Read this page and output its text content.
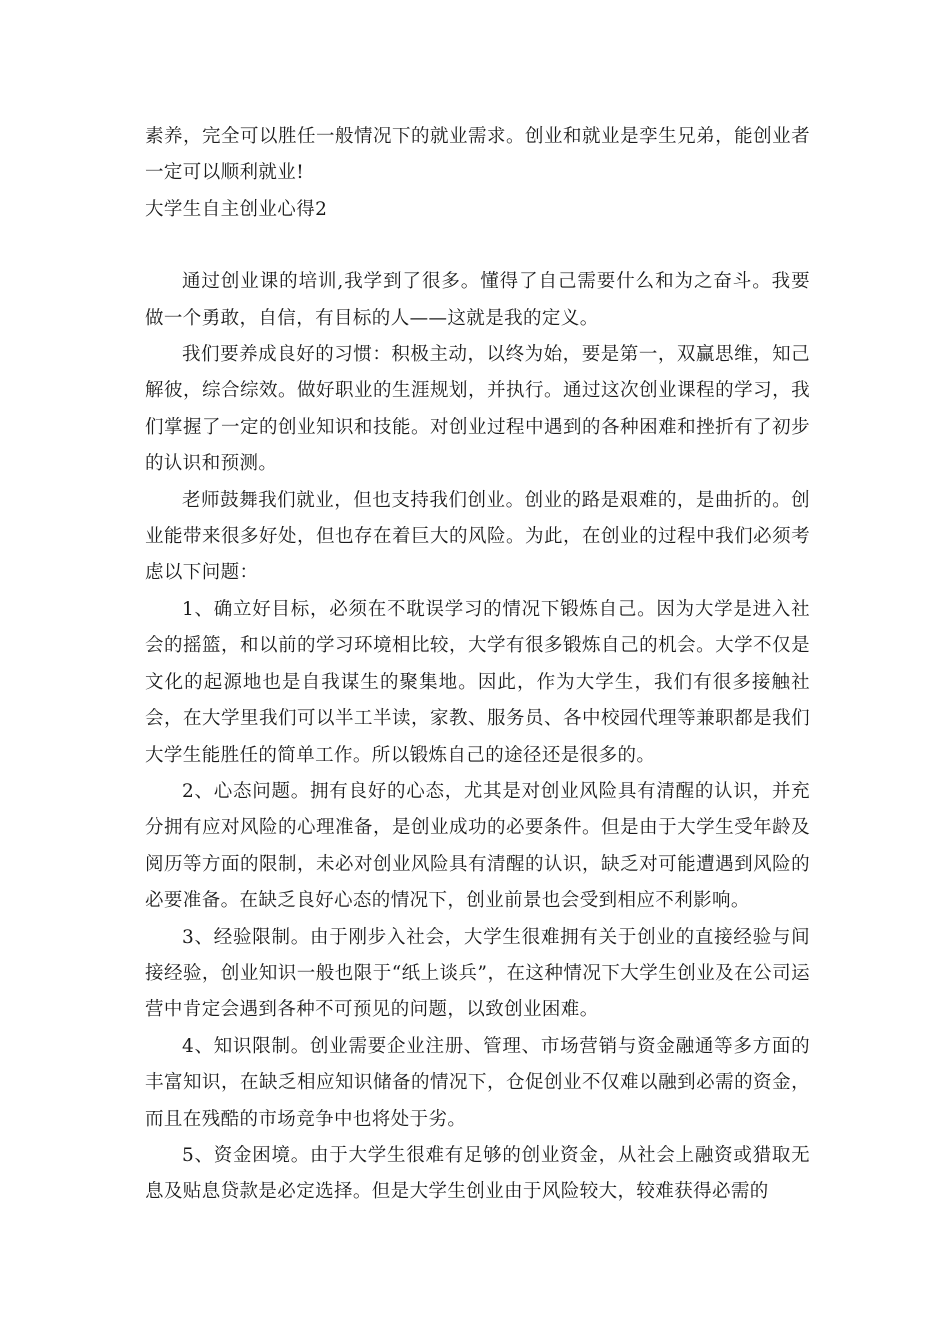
素养，完全可以胜任一般情况下的就业需求。创业和就业是孪生兄弟，能创业者一定可以顺利就业!

大学生自主创业心得2

通过创业课的培训,我学到了很多。懂得了自己需要什么和为之奋斗。我要做一个勇敢，自信，有目标的人——这就是我的定义。

我们要养成良好的习惯：积极主动，以终为始，要是第一，双赢思维，知己解彼，综合综效。做好职业的生涯规划，并执行。通过这次创业课程的学习，我们掌握了一定的创业知识和技能。对创业过程中遇到的各种困难和挫折有了初步的认识和预测。

老师鼓舞我们就业，但也支持我们创业。创业的路是艰难的，是曲折的。创业能带来很多好处，但也存在着巨大的风险。为此，在创业的过程中我们必须考虑以下问题：

1、确立好目标，必须在不耽误学习的情况下锻炼自己。因为大学是进入社会的摇篮，和以前的学习环境相比较，大学有很多锻炼自己的机会。大学不仅是文化的起源地也是自我谋生的聚集地。因此，作为大学生，我们有很多接触社会，在大学里我们可以半工半读，家教、服务员、各中校园代理等兼职都是我们大学生能胜任的简单工作。所以锻炼自己的途径还是很多的。

2、心态问题。拥有良好的心态，尤其是对创业风险具有清醒的认识，并充分拥有应对风险的心理准备，是创业成功的必要条件。但是由于大学生受年龄及阅历等方面的限制，未必对创业风险具有清醒的认识，缺乏对可能遭遇到风险的必要准备。在缺乏良好心态的情况下，创业前景也会受到相应不利影响。

3、经验限制。由于刚步入社会，大学生很难拥有关于创业的直接经验与间接经验，创业知识一般也限于“纸上谈兵”，在这种情况下大学生创业及在公司运营中肯定会遇到各种不可预见的问题，以致创业困难。

4、知识限制。创业需要企业注册、管理、市场营销与资金融通等多方面的丰富知识，在缺乏相应知识储备的情况下，仓促创业不仅难以融到必需的资金，而且在残酷的市场竞争中也将处于劣。

5、资金困境。由于大学生很难有足够的创业资金，从社会上融资或猎取无息及贴息贷款是必定选择。但是大学生创业由于风险较大，较难获得必需的
